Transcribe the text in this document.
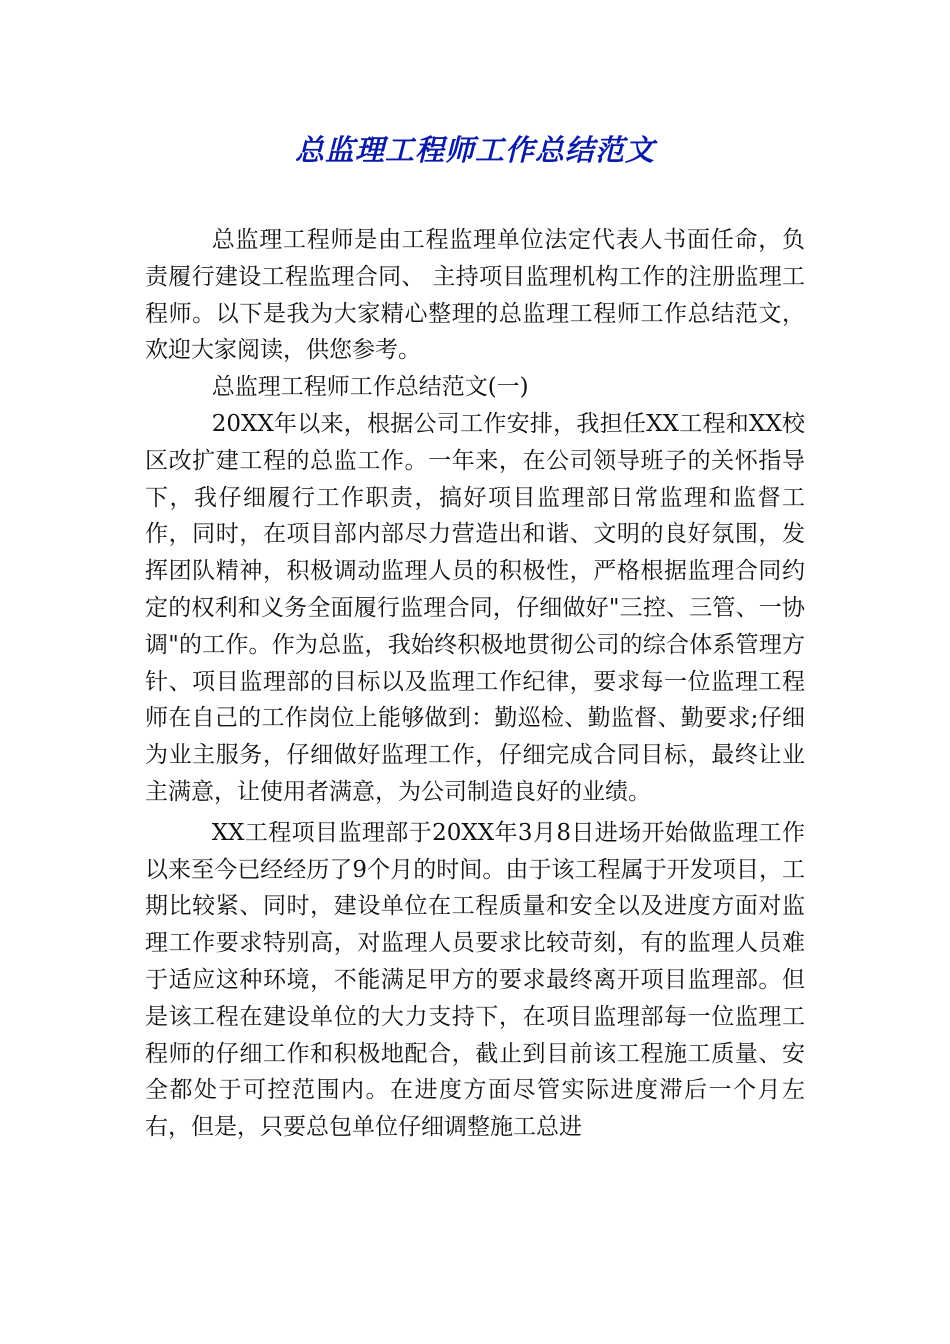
总监理工程师工作总结范文

总监理工程师是由工程监理单位法定代表人书面任命，负责履行建设工程监理合同、 主持项目监理机构工作的注册监理工程师。以下是我为大家精心整理的总监理工程师工作总结范文，欢迎大家阅读，供您参考。

总监理工程师工作总结范文(一)

20XX年以来，根据公司工作安排，我担任XX工程和XX校区改扩建工程的总监工作。一年来，在公司领导班子的关怀指导下，我仔细履行工作职责，搞好项目监理部日常监理和监督工作，同时，在项目部内部尽力营造出和谐、文明的良好氛围，发挥团队精神，积极调动监理人员的积极性，严格根据监理合同约定的权利和义务全面履行监理合同，仔细做好"三控、三管、一协调"的工作。作为总监，我始终积极地贯彻公司的综合体系管理方针、项目监理部的目标以及监理工作纪律，要求每一位监理工程师在自己的工作岗位上能够做到：勤巡检、勤监督、勤要求;仔细为业主服务，仔细做好监理工作，仔细完成合同目标，最终让业主满意，让使用者满意，为公司制造良好的业绩。

XX工程项目监理部于20XX年3月8日进场开始做监理工作以来至今已经经历了9个月的时间。由于该工程属于开发项目，工期比较紧、同时，建设单位在工程质量和安全以及进度方面对监理工作要求特别高，对监理人员要求比较苛刻，有的监理人员难于适应这种环境，不能满足甲方的要求最终离开项目监理部。但是该工程在建设单位的大力支持下，在项目监理部每一位监理工程师的仔细工作和积极地配合，截止到目前该工程施工质量、安全都处于可控范围内。在进度方面尽管实际进度滞后一个月左右，但是，只要总包单位仔细调整施工总进
